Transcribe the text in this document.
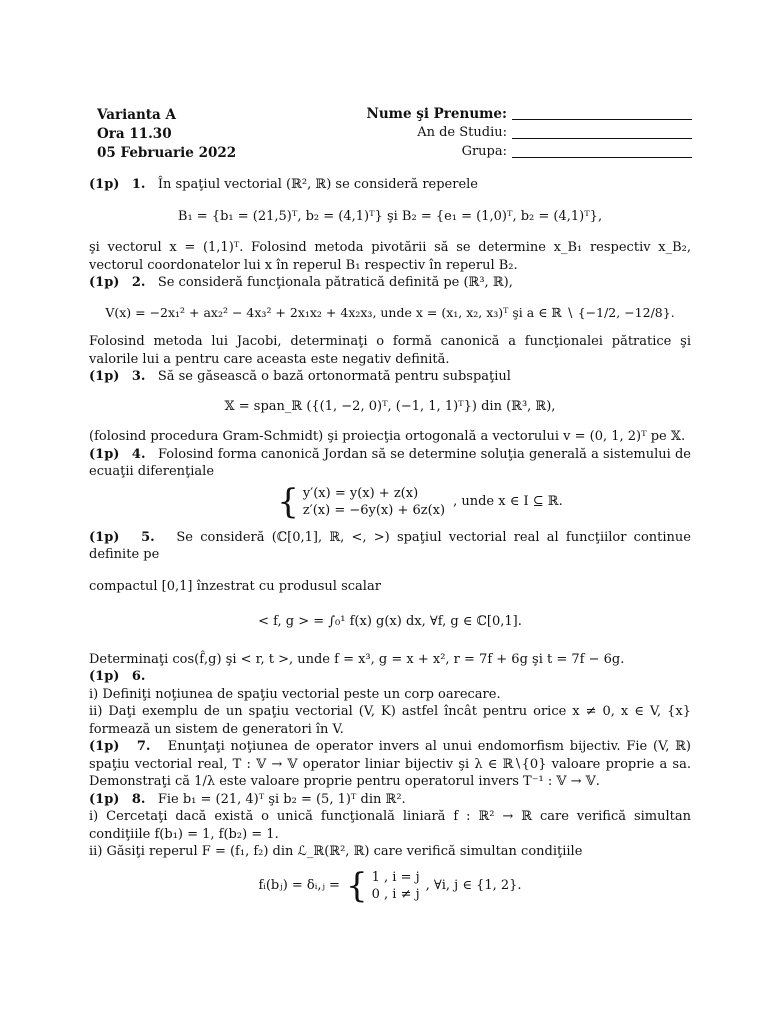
Varianta A
Ora 11.30
05 Februarie 2022
Nume şi Prenume:
An de Studiu:
Grupa:

(1p) 1. În spaţiul vectorial (ℝ², ℝ) se consideră reperele

B₁ = {b₁ = (21,5)ᵀ, b₂ = (4,1)ᵀ} şi B₂ = {e₁ = (1,0)ᵀ, b₂ = (4,1)ᵀ},

şi vectorul x = (1,1)ᵀ. Folosind metoda pivotării să se determine x_B₁ respectiv x_B₂, vectorul coordonatelor lui x în reperul B₁ respectiv în reperul B₂.

(1p) 2. Se consideră funcţionala pătratică definită pe (ℝ³, ℝ),

V(x) = −2x₁² + ax₂² − 4x₃² + 2x₁x₂ + 4x₂x₃, unde x = (x₁, x₂, x₃)ᵀ şi a ∈ ℝ ∖ {−1/2, −12/8}.

Folosind metoda lui Jacobi, determinaţi o formă canonică a funcţionalei pătratice şi valorile lui a pentru care aceasta este negativ definită.

(1p) 3. Să se găsească o bază ortonormată pentru subspaţiul

𝕏 = span_ℝ ({(1, −2, 0)ᵀ, (−1, 1, 1)ᵀ}) din (ℝ³, ℝ),

(folosind procedura Gram-Schmidt) şi proiecţia ortogonală a vectorului v = (0, 1, 2)ᵀ pe 𝕏.

(1p) 4. Folosind forma canonică Jordan să se determine soluţia generală a sistemului de ecuaţii diferenţiale

{ y′(x) = y(x) + z(x)
z′(x) = −6y(x) + 6z(x)
, unde x ∈ I ⊆ ℝ.

(1p) 5. Se consideră (ℂ[0,1], ℝ, <, >) spaţiul vectorial real al funcţiilor continue definite pe

compactul [0,1] înzestrat cu produsul scalar

< f, g > = ∫₀¹ f(x) g(x) dx, ∀f, g ∈ ℂ[0,1].

Determinaţi cos(f̂,g) şi < r, t >, unde f = x³, g = x + x², r = 7f + 6g şi t = 7f − 6g.

(1p) 6.

i) Definiţi noţiunea de spaţiu vectorial peste un corp oarecare.

ii) Daţi exemplu de un spaţiu vectorial (V, K) astfel încât pentru orice x ≠ 0, x ∈ V, {x} formează un sistem de generatori în V.

(1p) 7. Enunţaţi noţiunea de operator invers al unui endomorfism bijectiv. Fie (V, ℝ) spaţiu vectorial real, T : 𝕍 → 𝕍 operator liniar bijectiv şi λ ∈ ℝ∖{0} valoare proprie a sa. Demonstraţi că 1/λ este valoare proprie pentru operatorul invers T⁻¹ : 𝕍 → 𝕍.

(1p) 8. Fie b₁ = (21, 4)ᵀ şi b₂ = (5, 1)ᵀ din ℝ².

i) Cercetaţi dacă există o unică funcţională liniară f : ℝ² → ℝ care verifică simultan condiţiile f(b₁) = 1, f(b₂) = 1.

ii) Găsiţi reperul F = (f₁, f₂) din ℒ_ℝ(ℝ², ℝ) care verifică simultan condiţiile

fᵢ(bⱼ) = δᵢ,ⱼ = { 1 , i = j
0 , i ≠ j
, ∀i, j ∈ {1, 2}.
